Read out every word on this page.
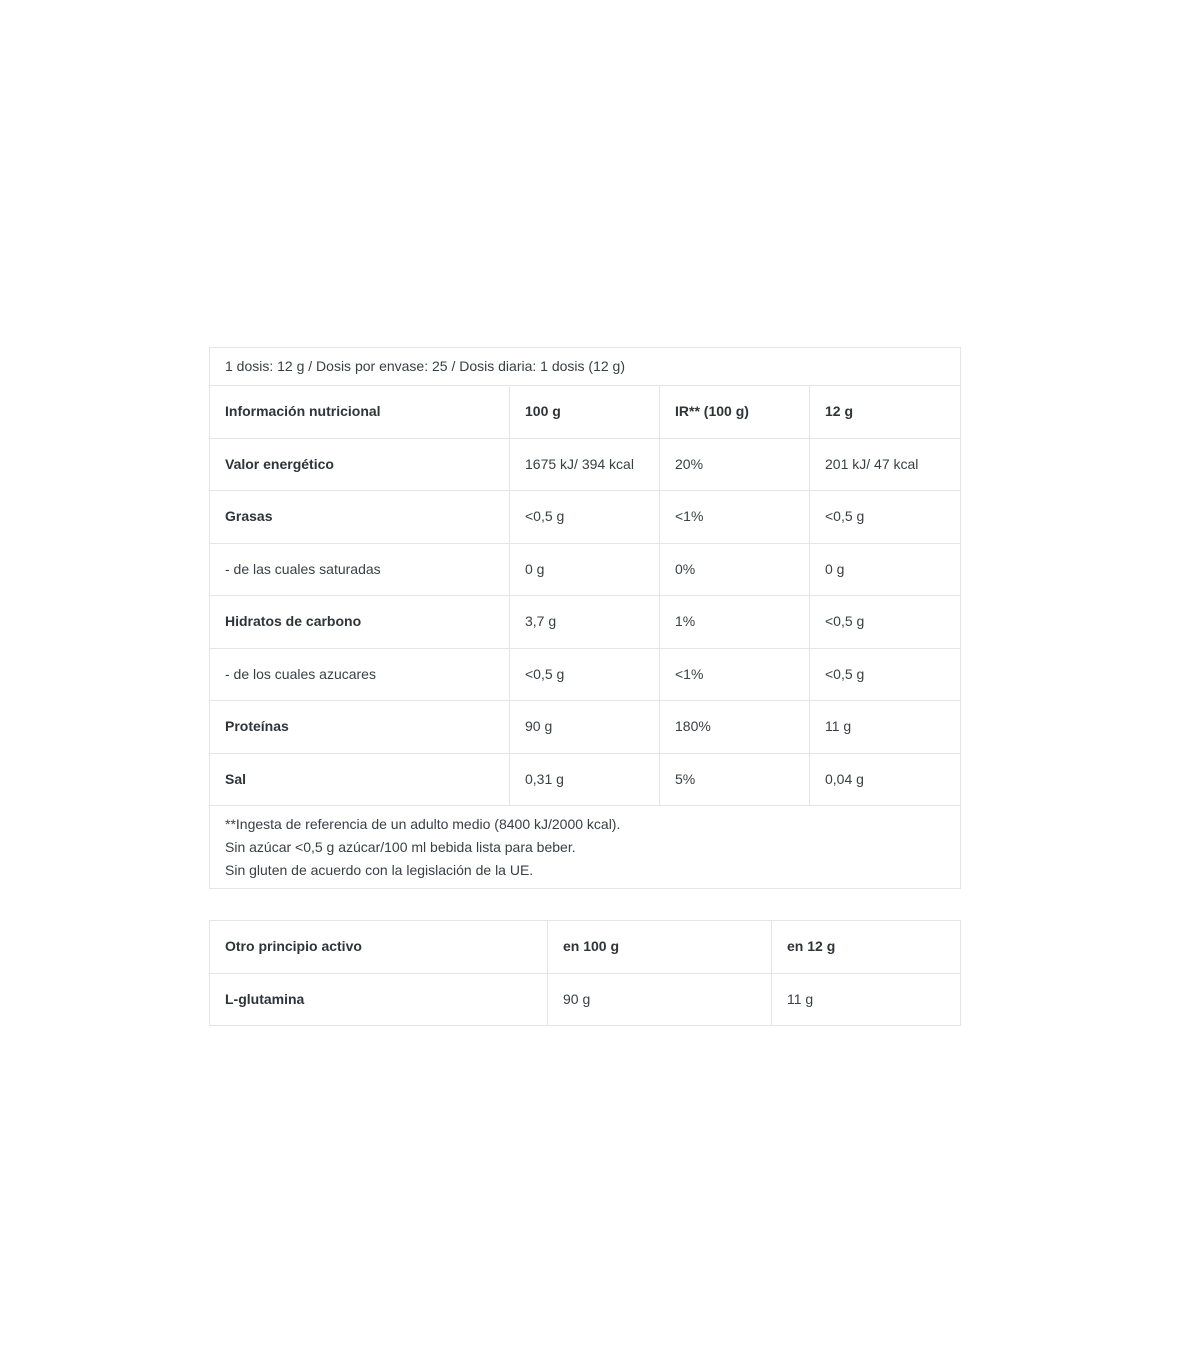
1 dosis: 12 g / Dosis por envase: 25 / Dosis diaria: 1 dosis (12 g)			
Información nutricional	100 g	IR** (100 g)	12 g
Valor energético	1675 kJ/ 394 kcal	20%	201 kJ/ 47 kcal
Grasas	<0,5 g	<1%	<0,5 g
- de las cuales saturadas	0 g	0%	0 g
Hidratos de carbono	3,7 g	1%	<0,5 g
- de los cuales azucares	<0,5 g	<1%	<0,5 g
Proteínas	90 g	180%	11 g
Sal	0,31 g	5%	0,04 g

**Ingesta de referencia de un adulto medio (8400 kJ/2000 kcal).
Sin azúcar <0,5 g azúcar/100 ml bebida lista para beber.
Sin gluten de acuerdo con la legislación de la UE.			
Otro principio activo	en 100 g	en 12 g
L-glutamina	90 g	11 g
